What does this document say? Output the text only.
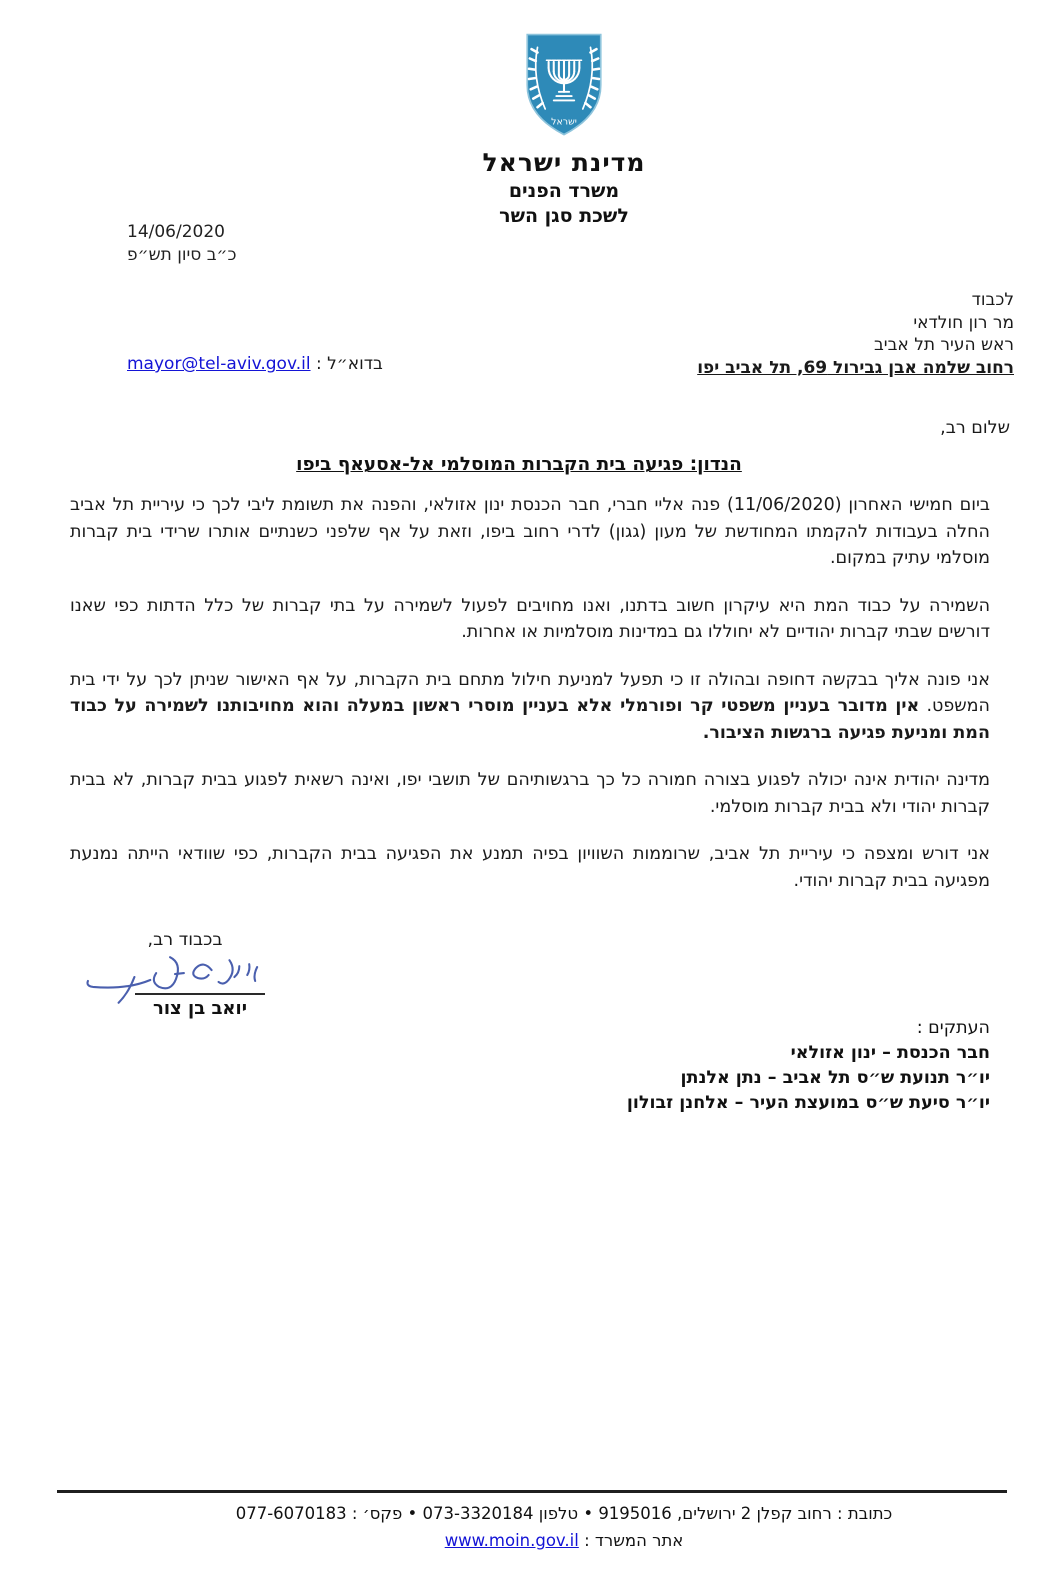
ישראל
מדינת ישראל
משרד הפנים
לשכת סגן השר
14/06/2020
כ״ב סיון תש״פ
לכבוד
מר רון חולדאי
ראש העיר תל אביב
רחוב שלמה אבן גבירול 69, תל אביב יפו
בדוא״ל : mayor@tel-aviv.gov.il
שלום רב,
הנדון: פגיעה בית הקברות המוסלמי אל-אסעאף ביפו

ביום חמישי האחרון (11/06/2020) פנה אליי חברי, חבר הכנסת ינון אזולאי, והפנה את תשומת ליבי לכך כי עיריית תל אביב החלה בעבודות להקמתו המחודשת של מעון (גגון) לדרי רחוב ביפו, וזאת על אף שלפני כשנתיים אותרו שרידי בית קברות מוסלמי עתיק במקום.

השמירה על כבוד המת היא עיקרון חשוב בדתנו, ואנו מחויבים לפעול לשמירה על בתי קברות של כלל הדתות כפי שאנו דורשים שבתי קברות יהודיים לא יחוללו גם במדינות מוסלמיות או אחרות.

אני פונה אליך בבקשה דחופה ובהולה זו כי תפעל למניעת חילול מתחם בית הקברות, על אף האישור שניתן לכך על ידי בית המשפט. אין מדובר בעניין משפטי קר ופורמלי אלא בעניין מוסרי ראשון במעלה והוא מחויבותנו לשמירה על כבוד המת ומניעת פגיעה ברגשות הציבור.

מדינה יהודית אינה יכולה לפגוע בצורה חמורה כל כך ברגשותיהם של תושבי יפו, ואינה רשאית לפגוע בבית קברות, לא בבית קברות יהודי ולא בבית קברות מוסלמי.

אני דורש ומצפה כי עיריית תל אביב, שרוממות השוויון בפיה תמנע את הפגיעה בבית הקברות, כפי שוודאי הייתה נמנעת מפגיעה בבית קברות יהודי.

בכבוד רב,
יואב בן צור
העתקים :
חבר הכנסת – ינון אזולאי
יו״ר תנועת ש״ס תל אביב – נתן אלנתן
יו״ר סיעת ש״ס במועצת העיר – אלחנן זבולון
כתובת : רחוב קפלן 2 ירושלים, 9195016 • טלפון 073-3320184 • פקס׳ : 077-6070183
אתר המשרד : www.moin.gov.il
